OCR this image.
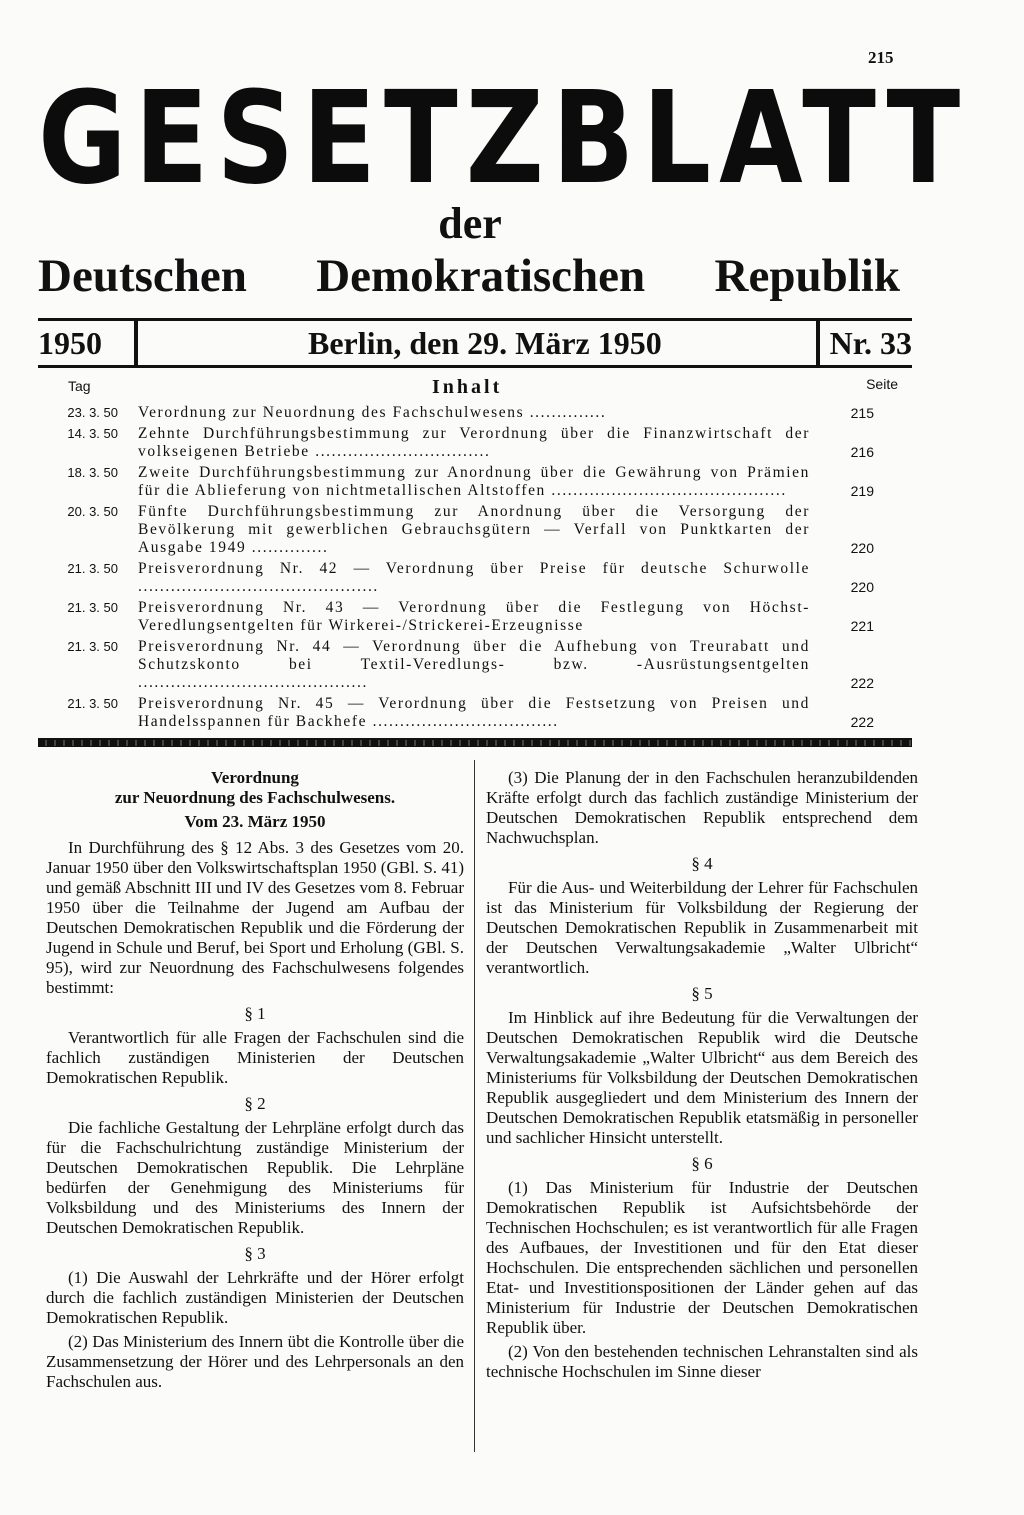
215
GESETZBLATT
der
Deutschen Demokratischen Republik
1950	Berlin, den 29. März 1950	Nr. 33
Tag	Inhalt	Seite
23. 3. 50 Verordnung zur Neuordnung des Fachschulwesens ..............	215
14. 3. 50 Zehnte Durchführungsbestimmung zur Verordnung über die Finanzwirtschaft der volkseigenen Betriebe ................................	216
18. 3. 50 Zweite Durchführungsbestimmung zur Anordnung über die Gewährung von Prämien für die Ablieferung von nichtmetallischen Altstoffen ...........................................	219
20. 3. 50 Fünfte Durchführungsbestimmung zur Anordnung über die Versorgung der Bevölkerung mit gewerblichen Gebrauchsgütern — Verfall von Punktkarten der Ausgabe 1949 ..............	220
21. 3. 50 Preisverordnung Nr. 42 — Verordnung über Preise für deutsche Schurwolle ............................................	220
21. 3. 50 Preisverordnung Nr. 43 — Verordnung über die Festlegung von Höchst-Veredlungsentgelten für Wirkerei-/Strickerei-Erzeugnisse	221
21. 3. 50 Preisverordnung Nr. 44 — Verordnung über die Aufhebung von Treurabatt und Schutzskonto bei Textil-Veredlungs- bzw. -Ausrüstungsentgelten ..........................................	222
21. 3. 50 Preisverordnung Nr. 45 — Verordnung über die Festsetzung von Preisen und Handelsspannen für Backhefe ..................................	222
Verordnung
zur Neuordnung des Fachschulwesens.
Vom 23. März 1950

In Durchführung des § 12 Abs. 3 des Gesetzes vom 20. Januar 1950 über den Volkswirtschaftsplan 1950 (GBl. S. 41) und gemäß Abschnitt III und IV des Gesetzes vom 8. Februar 1950 über die Teilnahme der Jugend am Aufbau der Deutschen Demokratischen Republik und die Förderung der Jugend in Schule und Beruf, bei Sport und Erholung (GBl. S. 95), wird zur Neuordnung des Fachschulwesens folgendes bestimmt:

§ 1

Verantwortlich für alle Fragen der Fachschulen sind die fachlich zuständigen Ministerien der Deutschen Demokratischen Republik.

§ 2

Die fachliche Gestaltung der Lehrpläne erfolgt durch das für die Fachschulrichtung zuständige Ministerium der Deutschen Demokratischen Republik. Die Lehrpläne bedürfen der Genehmigung des Ministeriums für Volksbildung und des Ministeriums des Innern der Deutschen Demokratischen Republik.

§ 3

(1) Die Auswahl der Lehrkräfte und der Hörer erfolgt durch die fachlich zuständigen Ministerien der Deutschen Demokratischen Republik.

(2) Das Ministerium des Innern übt die Kontrolle über die Zusammensetzung der Hörer und des Lehrpersonals an den Fachschulen aus.

(3) Die Planung der in den Fachschulen heranzubildenden Kräfte erfolgt durch das fachlich zuständige Ministerium der Deutschen Demokratischen Republik entsprechend dem Nachwuchsplan.

§ 4

Für die Aus- und Weiterbildung der Lehrer für Fachschulen ist das Ministerium für Volksbildung der Regierung der Deutschen Demokratischen Republik in Zusammenarbeit mit der Deutschen Verwaltungsakademie „Walter Ulbricht“ verantwortlich.

§ 5

Im Hinblick auf ihre Bedeutung für die Verwaltungen der Deutschen Demokratischen Republik wird die Deutsche Verwaltungsakademie „Walter Ulbricht“ aus dem Bereich des Ministeriums für Volksbildung der Deutschen Demokratischen Republik ausgegliedert und dem Ministerium des Innern der Deutschen Demokratischen Republik etatsmäßig in personeller und sachlicher Hinsicht unterstellt.

§ 6

(1) Das Ministerium für Industrie der Deutschen Demokratischen Republik ist Aufsichtsbehörde der Technischen Hochschulen; es ist verantwortlich für alle Fragen des Aufbaues, der Investitionen und für den Etat dieser Hochschulen. Die entsprechenden sächlichen und personellen Etat- und Investitionspositionen der Länder gehen auf das Ministerium für Industrie der Deutschen Demokratischen Republik über.

(2) Von den bestehenden technischen Lehranstalten sind als technische Hochschulen im Sinne dieser
